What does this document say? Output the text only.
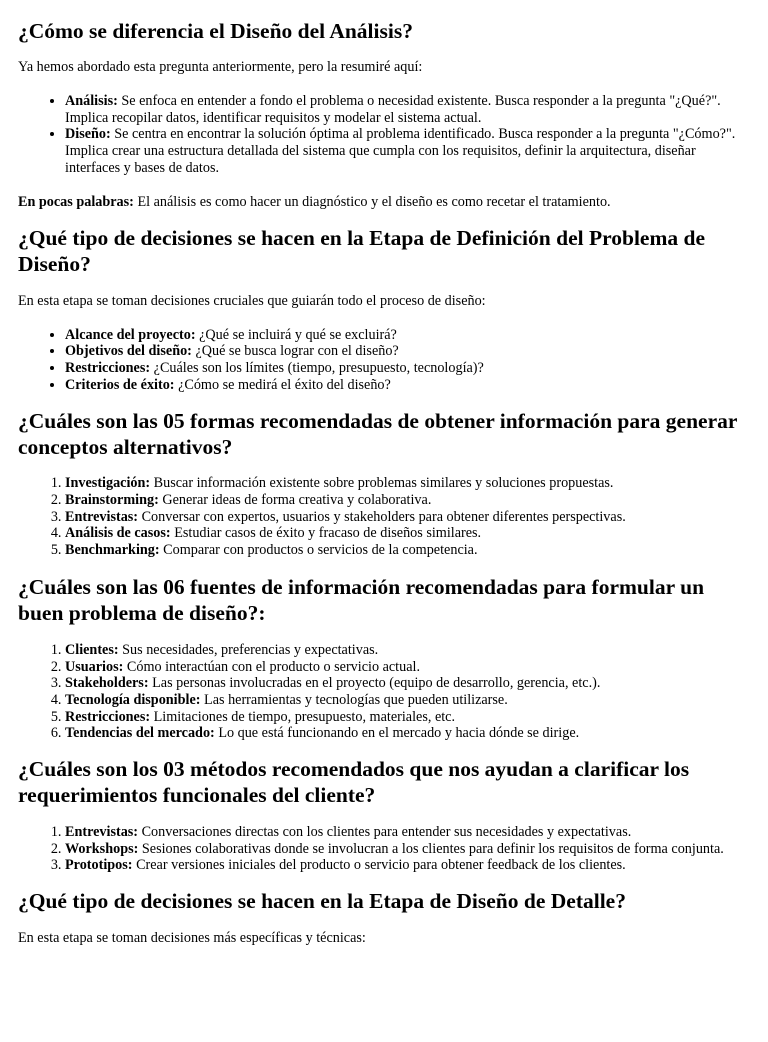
¿Cómo se diferencia el Diseño del Análisis?

Ya hemos abordado esta pregunta anteriormente, pero la resumiré aquí:

• Análisis: Se enfoca en entender a fondo el problema o necesidad existente. Busca responder a la pregunta "¿Qué?". Implica recopilar datos, identificar requisitos y modelar el sistema actual.
• Diseño: Se centra en encontrar la solución óptima al problema identificado. Busca responder a la pregunta "¿Cómo?". Implica crear una estructura detallada del sistema que cumpla con los requisitos, definir la arquitectura, diseñar interfaces y bases de datos.

En pocas palabras: El análisis es como hacer un diagnóstico y el diseño es como recetar el tratamiento.

¿Qué tipo de decisiones se hacen en la Etapa de Definición del Problema de Diseño?

En esta etapa se toman decisiones cruciales que guiarán todo el proceso de diseño:

• Alcance del proyecto: ¿Qué se incluirá y qué se excluirá?
• Objetivos del diseño: ¿Qué se busca lograr con el diseño?
• Restricciones: ¿Cuáles son los límites (tiempo, presupuesto, tecnología)?
• Criterios de éxito: ¿Cómo se medirá el éxito del diseño?
¿Cuáles son las 05 formas recomendadas de obtener información para generar conceptos alternativos?
1. Investigación: Buscar información existente sobre problemas similares y soluciones propuestas.
2. Brainstorming: Generar ideas de forma creativa y colaborativa.
3. Entrevistas: Conversar con expertos, usuarios y stakeholders para obtener diferentes perspectivas.
4. Análisis de casos: Estudiar casos de éxito y fracaso de diseños similares.
5. Benchmarking: Comparar con productos o servicios de la competencia.
¿Cuáles son las 06 fuentes de información recomendadas para formular un buen problema de diseño?:
1. Clientes: Sus necesidades, preferencias y expectativas.
2. Usuarios: Cómo interactúan con el producto o servicio actual.
3. Stakeholders: Las personas involucradas en el proyecto (equipo de desarrollo, gerencia, etc.).
4. Tecnología disponible: Las herramientas y tecnologías que pueden utilizarse.
5. Restricciones: Limitaciones de tiempo, presupuesto, materiales, etc.
6. Tendencias del mercado: Lo que está funcionando en el mercado y hacia dónde se dirige.
¿Cuáles son los 03 métodos recomendados que nos ayudan a clarificar los requerimientos funcionales del cliente?
1. Entrevistas: Conversaciones directas con los clientes para entender sus necesidades y expectativas.
2. Workshops: Sesiones colaborativas donde se involucran a los clientes para definir los requisitos de forma conjunta.
3. Prototipos: Crear versiones iniciales del producto o servicio para obtener feedback de los clientes.
¿Qué tipo de decisiones se hacen en la Etapa de Diseño de Detalle?

En esta etapa se toman decisiones más específicas y técnicas:
